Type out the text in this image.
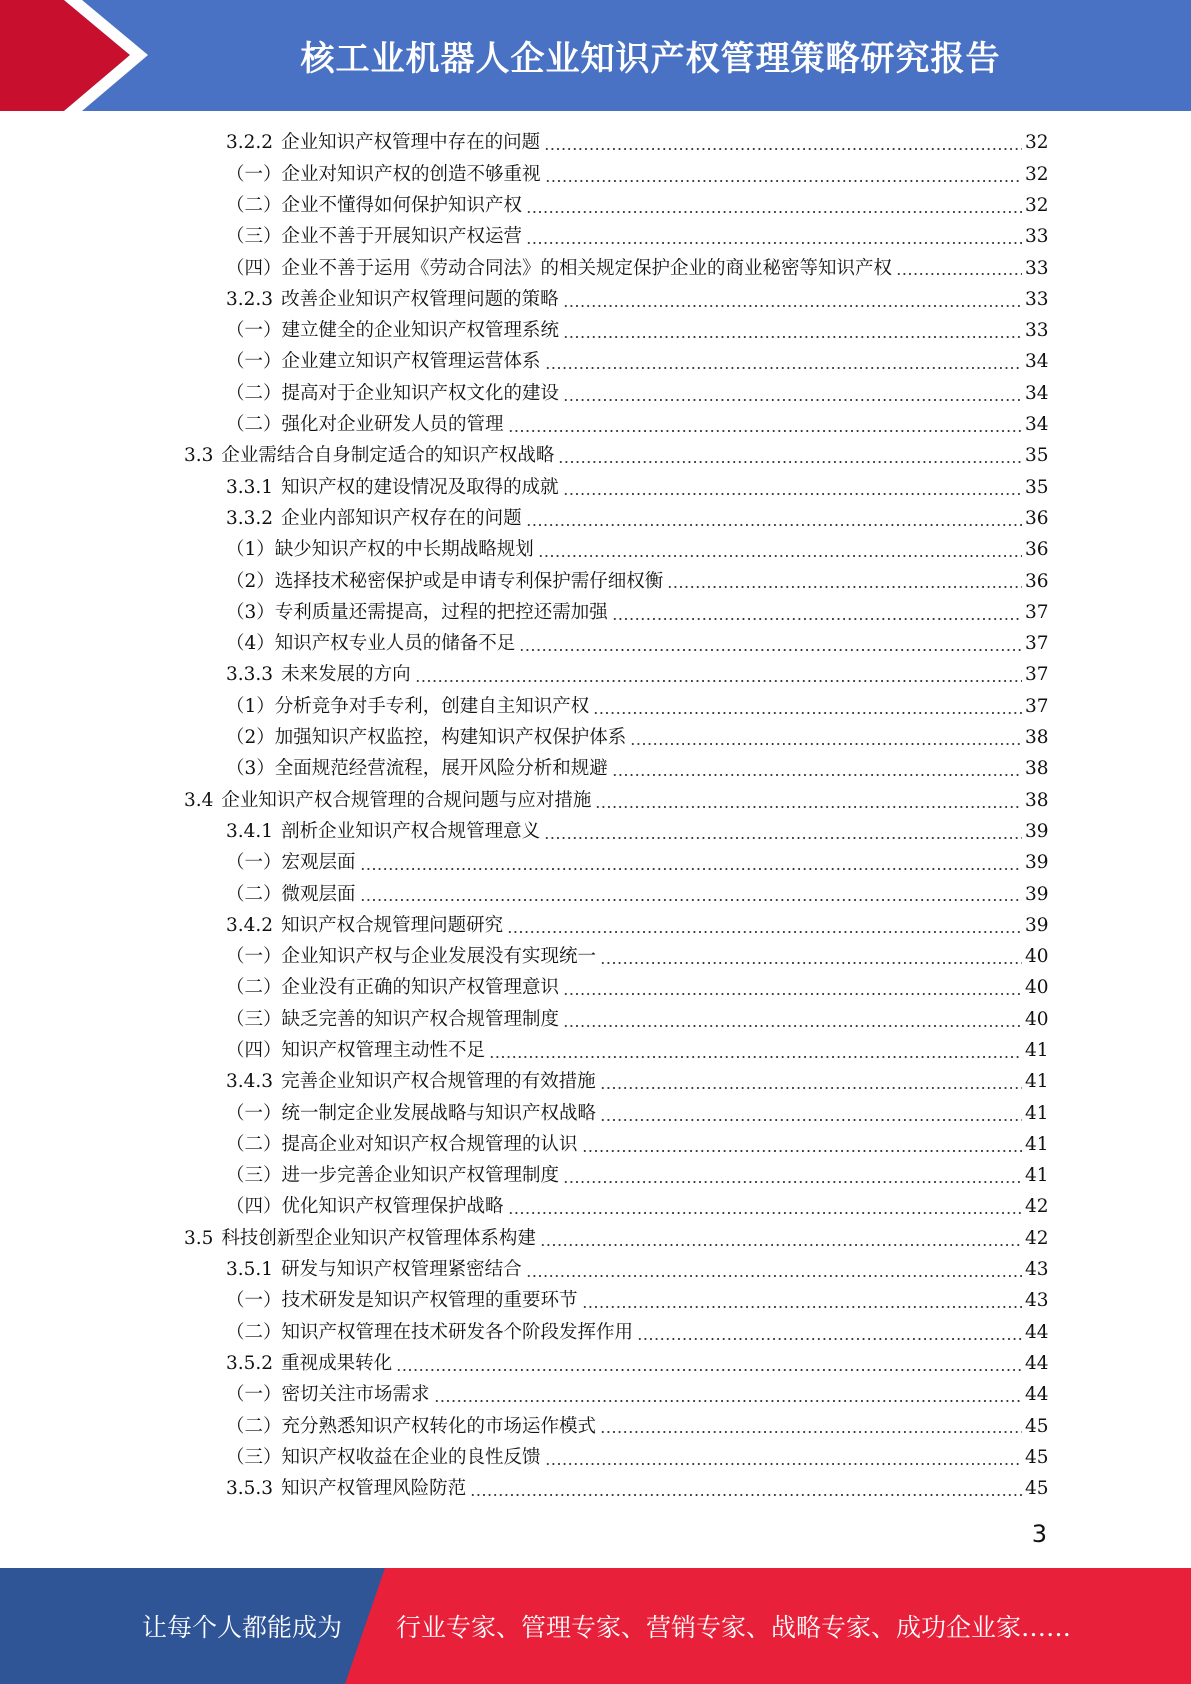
核工业机器人企业知识产权管理策略研究报告
3.2.2 企业知识产权管理中存在的问题	32
（一）企业对知识产权的创造不够重视	32
（二）企业不懂得如何保护知识产权	32
（三）企业不善于开展知识产权运营	33
（四）企业不善于运用《劳动合同法》的相关规定保护企业的商业秘密等知识产权	33
3.2.3 改善企业知识产权管理问题的策略	33
（一）建立健全的企业知识产权管理系统	33
（一）企业建立知识产权管理运营体系	34
（二）提高对于企业知识产权文化的建设	34
（二）强化对企业研发人员的管理	34
3.3 企业需结合自身制定适合的知识产权战略	35
3.3.1 知识产权的建设情况及取得的成就	35
3.3.2 企业内部知识产权存在的问题	36
（1）缺少知识产权的中长期战略规划	36
（2）选择技术秘密保护或是申请专利保护需仔细权衡	36
（3）专利质量还需提高，过程的把控还需加强	37
（4）知识产权专业人员的储备不足	37
3.3.3 未来发展的方向	37
（1）分析竞争对手专利，创建自主知识产权	37
（2）加强知识产权监控，构建知识产权保护体系	38
（3）全面规范经营流程，展开风险分析和规避	38
3.4 企业知识产权合规管理的合规问题与应对措施	38
3.4.1 剖析企业知识产权合规管理意义	39
（一）宏观层面	39
（二）微观层面	39
3.4.2 知识产权合规管理问题研究	39
（一）企业知识产权与企业发展没有实现统一	40
（二）企业没有正确的知识产权管理意识	40
（三）缺乏完善的知识产权合规管理制度	40
（四）知识产权管理主动性不足	41
3.4.3 完善企业知识产权合规管理的有效措施	41
（一）统一制定企业发展战略与知识产权战略	41
（二）提高企业对知识产权合规管理的认识	41
（三）进一步完善企业知识产权管理制度	41
（四）优化知识产权管理保护战略	42
3.5 科技创新型企业知识产权管理体系构建	42
3.5.1 研发与知识产权管理紧密结合	43
（一）技术研发是知识产权管理的重要环节	43
（二）知识产权管理在技术研发各个阶段发挥作用	44
3.5.2 重视成果转化	44
（一）密切关注市场需求	44
（二）充分熟悉知识产权转化的市场运作模式	45
（三）知识产权收益在企业的良性反馈	45
3.5.3 知识产权管理风险防范	45
3
让每个人都能成为 行业专家、管理专家、营销专家、战略专家、成功企业家……
